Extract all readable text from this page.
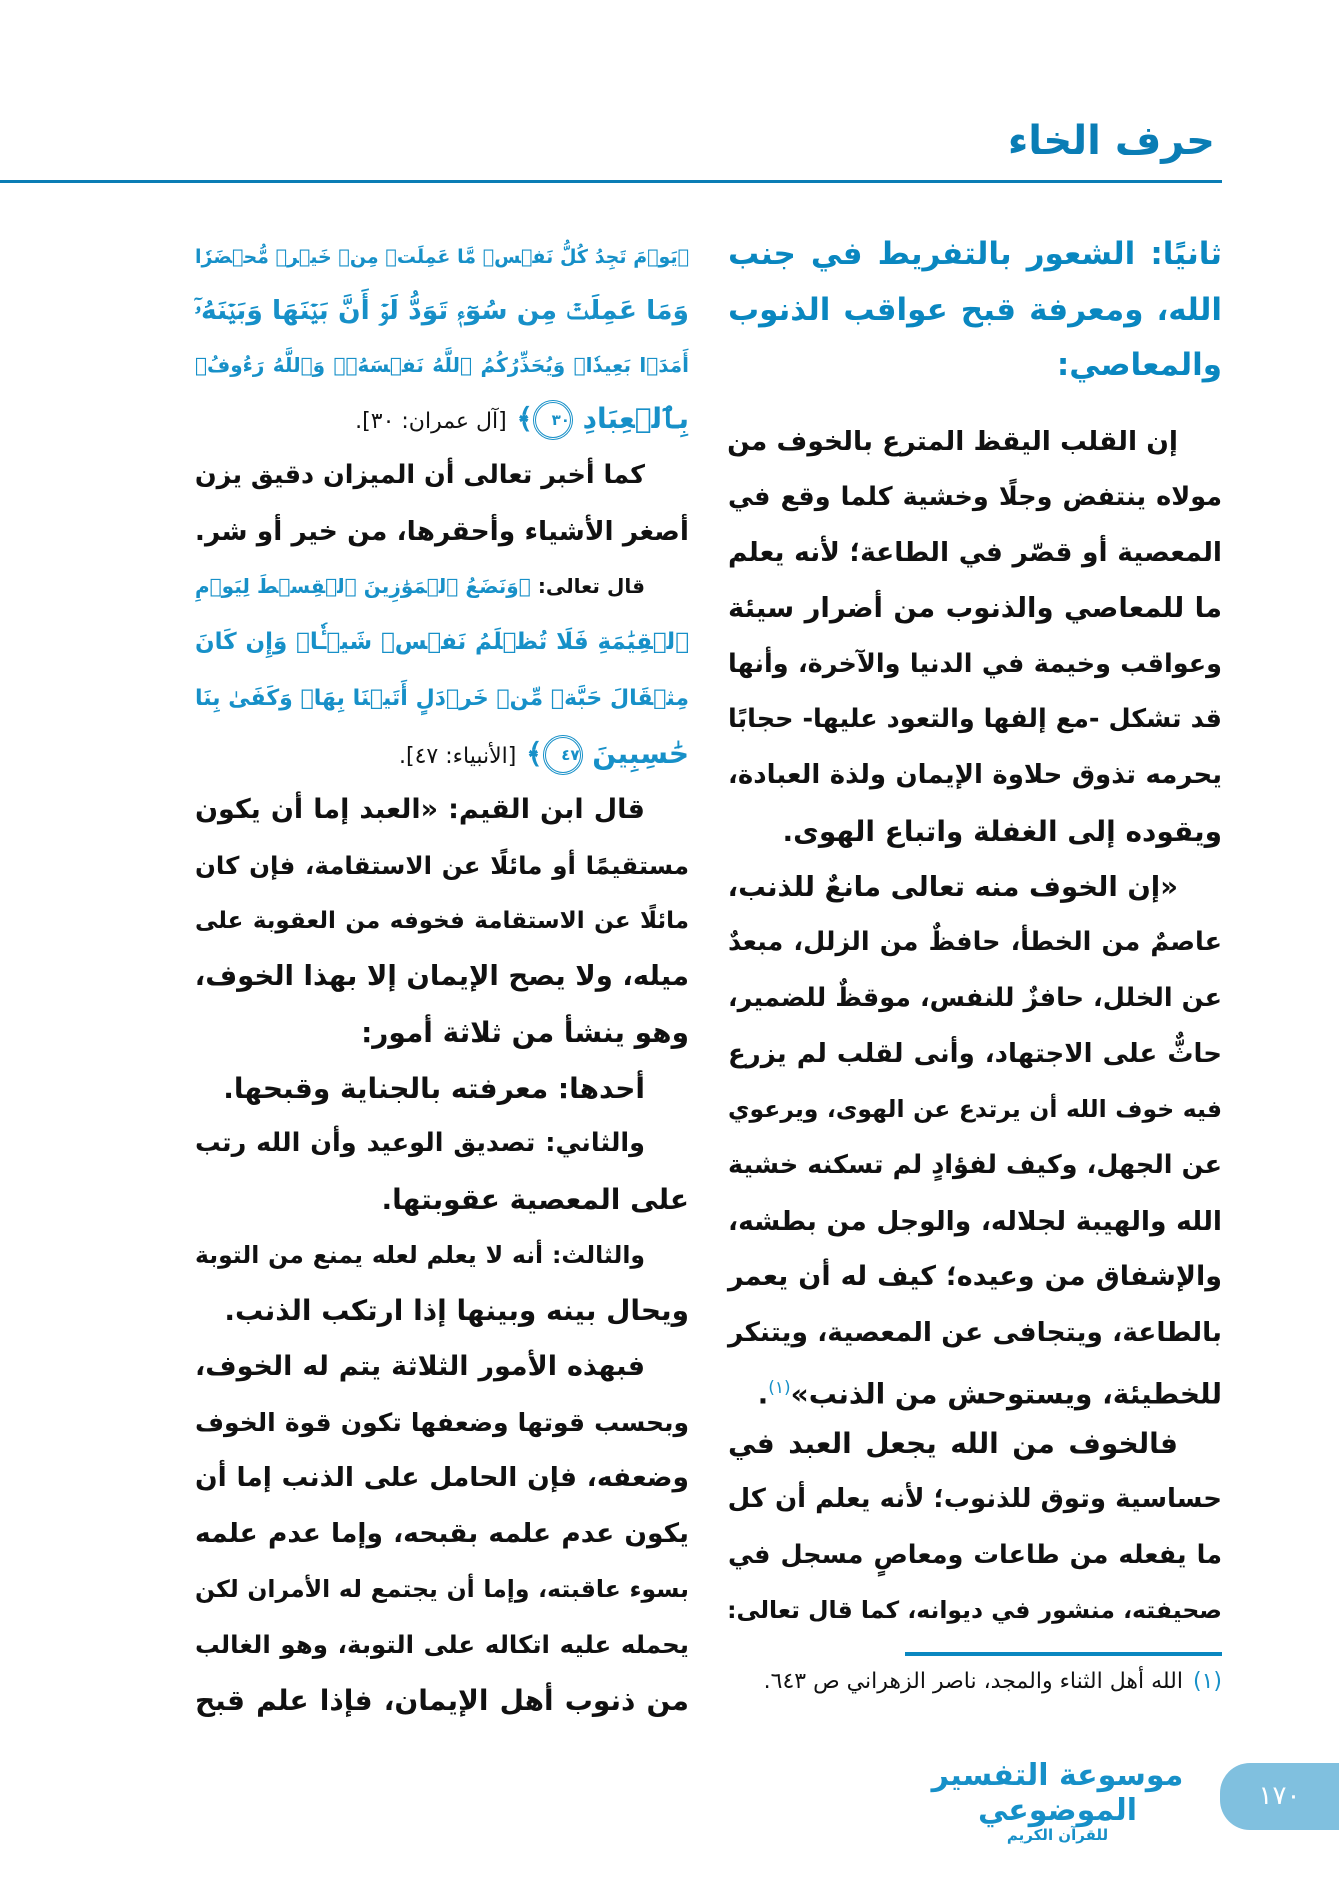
حرف الخاء
ثانيًا: الشعور بالتفريط في جنب
الله، ومعرفة قبح عواقب الذنوب
والمعاصي:
إن القلب اليقظ المترع بالخوف من
مولاه ينتفض وجلًا وخشية كلما وقع في
المعصية أو قصّر في الطاعة؛ لأنه يعلم
ما للمعاصي والذنوب من أضرار سيئة
وعواقب وخيمة في الدنيا والآخرة، وأنها
قد تشكل -مع إلفها والتعود عليها- حجابًا
يحرمه تذوق حلاوة الإيمان ولذة العبادة،
ويقوده إلى الغفلة واتباع الهوى.
«إن الخوف منه تعالى مانعٌ للذنب،
عاصمٌ من الخطأ، حافظٌ من الزلل، مبعدٌ
عن الخلل، حافزٌ للنفس، موقظٌ للضمير،
حاثٌّ على الاجتهاد، وأنى لقلب لم يزرع
فيه خوف الله أن يرتدع عن الهوى، ويرعوي
عن الجهل، وكيف لفؤادٍ لم تسكنه خشية
الله والهيبة لجلاله، والوجل من بطشه،
والإشفاق من وعيده؛ كيف له أن يعمر
بالطاعة، ويتجافى عن المعصية، ويتنكر
للخطيئة، ويستوحش من الذنب»$^{(١)}$.
فالخوف من الله يجعل العبد في
حساسية وتوق للذنوب؛ لأنه يعلم أن كل
ما يفعله من طاعات ومعاصٍ مسجل في
صحيفته، منشور في ديوانه، كما قال تعالى:
﴿يَوۡمَ تَجِدُ كُلُّ نَفۡسٖ مَّا عَمِلَتۡ مِنۡ خَيۡرٖ مُّحۡضَرٗا
وَمَا عَمِلَتۡ مِن سُوٓءٖ تَوَدُّ لَوۡ أَنَّ بَيۡنَهَا وَبَيۡنَهُۥٓ
أَمَدَۢا بَعِيدٗاۗ وَيُحَذِّرُكُمُ ٱللَّهُ نَفۡسَهُۥۗ وَٱللَّهُ رَءُوفُۢ
بِٱلۡعِبَادِ ٣٠﴾ [آل عمران: ٣٠].
كما أخبر تعالى أن الميزان دقيق يزن
أصغر الأشياء وأحقرها، من خير أو شر.
قال تعالى: ﴿وَنَضَعُ ٱلۡمَوَٰزِينَ ٱلۡقِسۡطَ لِيَوۡمِ
ٱلۡقِيَٰمَةِ فَلَا تُظۡلَمُ نَفۡسٞ شَيۡـٔٗاۖ وَإِن كَانَ
مِثۡقَالَ حَبَّةٖ مِّنۡ خَرۡدَلٍ أَتَيۡنَا بِهَاۗ وَكَفَىٰ بِنَا
حَٰسِبِينَ ٤٧﴾ [الأنبياء: ٤٧].
قال ابن القيم: «العبد إما أن يكون
مستقيمًا أو مائلًا عن الاستقامة، فإن كان
مائلًا عن الاستقامة فخوفه من العقوبة على
ميله، ولا يصح الإيمان إلا بهذا الخوف،
وهو ينشأ من ثلاثة أمور:
أحدها: معرفته بالجناية وقبحها.
والثاني: تصديق الوعيد وأن الله رتب
على المعصية عقوبتها.
والثالث: أنه لا يعلم لعله يمنع من التوبة
ويحال بينه وبينها إذا ارتكب الذنب.
فبهذه الأمور الثلاثة يتم له الخوف،
وبحسب قوتها وضعفها تكون قوة الخوف
وضعفه، فإن الحامل على الذنب إما أن
يكون عدم علمه بقبحه، وإما عدم علمه
بسوء عاقبته، وإما أن يجتمع له الأمران لكن
يحمله عليه اتكاله على التوبة، وهو الغالب
من ذنوب أهل الإيمان، فإذا علم قبح
(١)الله أهل الثناء والمجد، ناصر الزهراني ص ٦٤٣.
موسوعة التفسير الموضوعي
للقرآن الكريم
١٧٠
